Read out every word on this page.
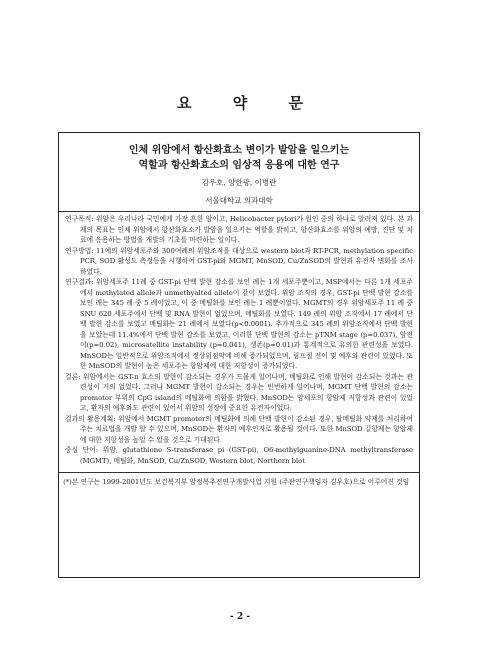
요 약 문
인체 위암에서 항산화효소 변이가 발암을 일으키는
역할과 항산화효소의 임상적 응용에 대한 연구
김우호, 양한광, 이병란
서울대학교 의과대학

연구목적: 위암은 우리나라 국민에게 가장 흔한 암이고, Helicobacter pylori가 원인 중의 하나로 알려져 있다. 본 과제의 목표는 인체 위암에서 항산화효소가 발암을 일으키는 역할을 밝히고, 항산화효소를 위암의 예방, 진단 및 치료에 응용하는 방법을 개발의 기초를 마련하는 일이다.

연구방법: 11예의 위암세포주와 300여례의 위암조직을 대상으로 western blot과 RT-PCR, methylation specific PCR, SOD 활성도 측정등을 시행하여 GST-pi와 MGMT, MnSOD, Cu/ZnSOD의 발현과 유전자 변화를 조사하였다.

연구결과: 위암세포주 11례 중 GST-pi 단백 발현 감소를 보인 례는 1개 세포주뿐이고, MSP에서는 다른 1개 세포주에서 methylated allele과 unmethyalted allele이 같이 보였다. 위암 조직의 경우, GST-pi 단백 발현 감소를 보인 례는 345 례 중 5 례이었고, 이 중 메틸화를 보인 례는 1 례뿐이었다. MGMT의 경우 위암세포주 11 례 중 SNU 620 세포주에서 단백 및 RNA 발현이 없었으며, 메틸화를 보였다. 149 례의 위암 조직에서 17 례에서 단백 발현 감소를 보였고 메틸화는 21 례에서 보였다(p<0.0001). 추가적으로 345 례의 위암조직에서 단백 발현을 보았는데 11.4%에서 단백 발현 감소를 보였고, 이러한 단백 발현의 감소는 pTNM stage (p=0.037), 암전이(p=0.02), microsatellite instability (p=0.041), 생존(p=0.01)과 통계적으로 유의한 관련성을 보였다. MnSOD는 일반적으로 위암조직에서 정상위점막에 비해 증가되었으며, 림프절 전이 및 예후와 관련이 있었다. 또한 MnSOD의 발현이 높은 세포주는 항암제에 대한 저항성이 증가되었다.

결론: 위암에서는 GST-π 효소의 발현이 감소되는 경우가 드물게 일어나며, 메틸화로 인해 발현이 감소되는 것과는 관련성이 거의 없었다. 그러나 MGMT 발현이 감소되는 경우는 빈번하게 일어나며, MGMT 단백 발현의 감소는 promotor 부위의 CpG island의 메틸화에 의함을 밝혔다. MnSOD는 암세포의 항암제 저항성과 관련이 있었고, 환자의 예후와도 관련이 있어서 위암의 성장에 중요한 유전자이었다.

결과의 활용계획: 위암에서 MGMT promoter의 메틸화에 의해 단백 발현이 감소된 경우, 탈메틸화 약제를 처리하여 주는 치료법을 개발 할 수 있으며, MnSOD는 환자의 예후인자로 활용될 것이다. 또한 MnSOD 길항제는 항암제에 대한 저항성을 높일 수 있을 것으로 기대된다.

중심 단어: 위암, glutathione S-transferase pi (GST-pi), O6-methylguanine-DNA methyltransferase (MGMT), 메틸화, MnSOD, Cu/ZnSOD, Western blot, Northern blot

(*)본 연구는 1999-2001년도 보건복지부 암정복추진연구개발사업 지원 (주관연구책임자 김우호)으로 이루어진 것임
- 2 -
